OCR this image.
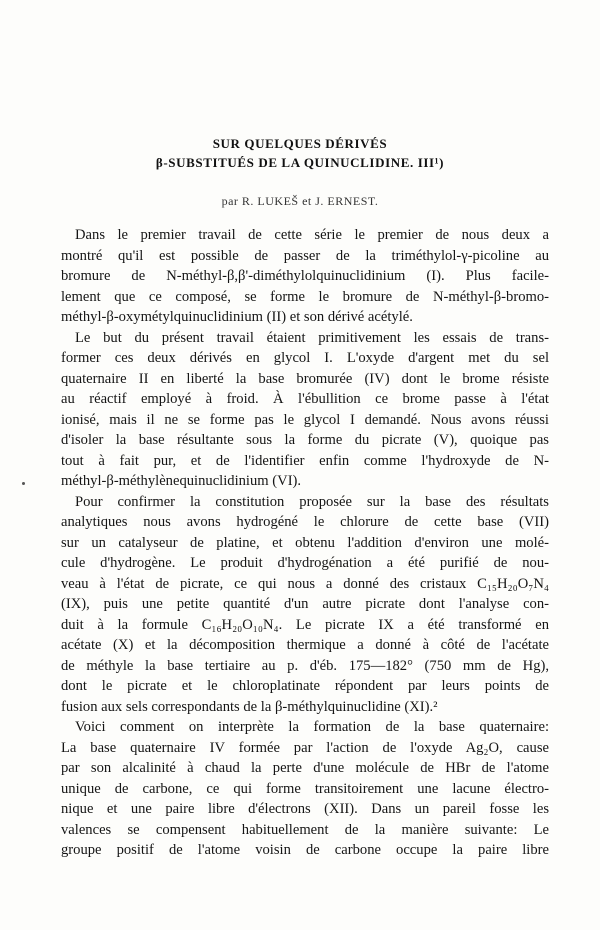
SUR QUELQUES DÉRIVÉS
β-SUBSTITUÉS DE LA QUINUCLIDINE. III¹)
par R. LUKEŠ et J. ERNEST.
Dans le premier travail de cette série le premier de nous deux a
montré qu'il est possible de passer de la triméthylol-γ-picoline au
bromure de N-méthyl-β,β'-diméthylolquinuclidinium (I). Plus facile-
lement que ce composé, se forme le bromure de N-méthyl-β-bromo-
méthyl-β-oxymétylquinuclidinium (II) et son dérivé acétylé.
Le but du présent travail étaient primitivement les essais de trans-
former ces deux dérivés en glycol I. L'oxyde d'argent met du sel
quaternaire II en liberté la base bromurée (IV) dont le brome résiste
au réactif employé à froid. À l'ébullition ce brome passe à l'état
ionisé, mais il ne se forme pas le glycol I demandé. Nous avons réussi
d'isoler la base résultante sous la forme du picrate (V), quoique pas
tout à fait pur, et de l'identifier enfin comme l'hydroxyde de N-
méthyl-β-méthylènequinuclidinium (VI).
Pour confirmer la constitution proposée sur la base des résultats
analytiques nous avons hydrogéné le chlorure de cette base (VII)
sur un catalyseur de platine, et obtenu l'addition d'environ une molé-
cule d'hydrogène. Le produit d'hydrogénation a été purifié de nou-
veau à l'état de picrate, ce qui nous a donné des cristaux C₁₅H₂₀O₇N₄
(IX), puis une petite quantité d'un autre picrate dont l'analyse con-
duit à la formule C₁₆H₂₀O₁₀N₄. Le picrate IX a été transformé en
acétate (X) et la décomposition thermique a donné à côté de l'acétate
de méthyle la base tertiaire au p. d'éb. 175—182° (750 mm de Hg),
dont le picrate et le chloroplatinate répondent par leurs points de
fusion aux sels correspondants de la β-méthylquinuclidine (XI).²
Voici comment on interprète la formation de la base quaternaire:
La base quaternaire IV formée par l'action de l'oxyde Ag₂O, cause
par son alcalinité à chaud la perte d'une molécule de HBr de l'atome
unique de carbone, ce qui forme transitoirement une lacune électro-
nique et une paire libre d'électrons (XII). Dans un pareil fosse les
valences se compensent habituellement de la manière suivante: Le
groupe positif de l'atome voisin de carbone occupe la paire libre
